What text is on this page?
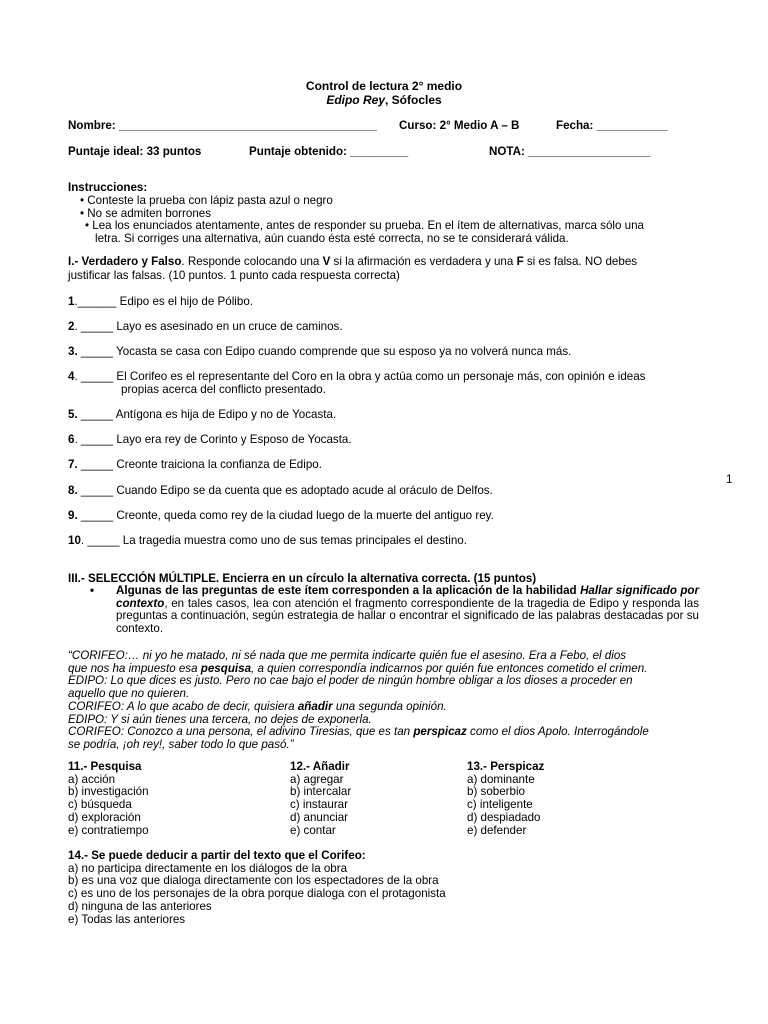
Control de lectura 2° medio
Edipo Rey, Sófocles
Nombre: ________________________________________ Curso: 2° Medio A – B	Fecha: ___________
Puntaje ideal: 33 puntos	Puntaje obtenido: _________	NOTA: ___________________
Instrucciones:
• Conteste la prueba con lápiz pasta azul o negro
• No se admiten borrones
• Lea los enunciados atentamente, antes de responder su prueba. En el ítem de alternativas, marca sólo una
letra. Si corriges una alternativa, aún cuando ésta esté correcta, no se te considerará válida.
I.- Verdadero y Falso. Responde colocando una V si la afirmación es verdadera y una F si es falsa. NO debes
justificar las falsas. (10 puntos. 1 punto cada respuesta correcta)
1.______ Edipo es el hijo de Pólibo.
2. _____ Layo es asesinado en un cruce de caminos.
3. _____ Yocasta se casa con Edipo cuando comprende que su esposo ya no volverá nunca más.
4. _____ El Corifeo es el representante del Coro en la obra y actúa como un personaje más, con opinión e ideas
propias acerca del conflicto presentado.
5. _____ Antígona es hija de Edipo y no de Yocasta.
6. _____ Layo era rey de Corinto y Esposo de Yocasta.
7. _____ Creonte traiciona la confianza de Edipo.
8. _____ Cuando Edipo se da cuenta que es adoptado acude al oráculo de Delfos.
9. _____ Creonte, queda como rey de la ciudad luego de la muerte del antiguo rey.
10. _____ La tragedia muestra como uno de sus temas principales el destino.
1
III.- SELECCIÓN MÚLTIPLE. Encierra en un círculo la alternativa correcta. (15 puntos)
• Algunas de las preguntas de este ítem corresponden a la aplicación de la habilidad Hallar significado por contexto, en tales casos, lea con atención el fragmento correspondiente de la tragedia de Edipo y responda las preguntas a continuación, según estrategia de hallar o encontrar el significado de las palabras destacadas por su contexto.
“CORIFEO:… ni yo he matado, ni sé nada que me permita indicarte quién fue el asesino. Era a Febo, el dios
que nos ha impuesto esa pesquisa, a quien correspondía indicarnos por quién fue entonces cometido el crimen.
EDIPO: Lo que dices es justo. Pero no cae bajo el poder de ningún hombre obligar a los dioses a proceder en
aquello que no quieren.
CORIFEO: A lo que acabo de decir, quisiera añadir una segunda opinión.
EDIPO: Y si aún tienes una tercera, no dejes de exponerla.
CORIFEO: Conozco a una persona, el adivino Tiresias, que es tan perspicaz como el dios Apolo. Interrogándole
se podría, ¡oh rey!, saber todo lo que pasó.”
11.- Pesquisa
a) acción
b) investigación
c) búsqueda
d) exploración
e) contratiempo
12.- Añadir
a) agregar
b) intercalar
c) instaurar
d) anunciar
e) contar
13.- Perspicaz
a) dominante
b) soberbio
c) inteligente
d) despiadado
e) defender
14.- Se puede deducir a partir del texto que el Corifeo:
a) no participa directamente en los diálogos de la obra
b) es una voz que dialoga directamente con los espectadores de la obra
c) es uno de los personajes de la obra porque dialoga con el protagonista
d) ninguna de las anteriores
e) Todas las anteriores
